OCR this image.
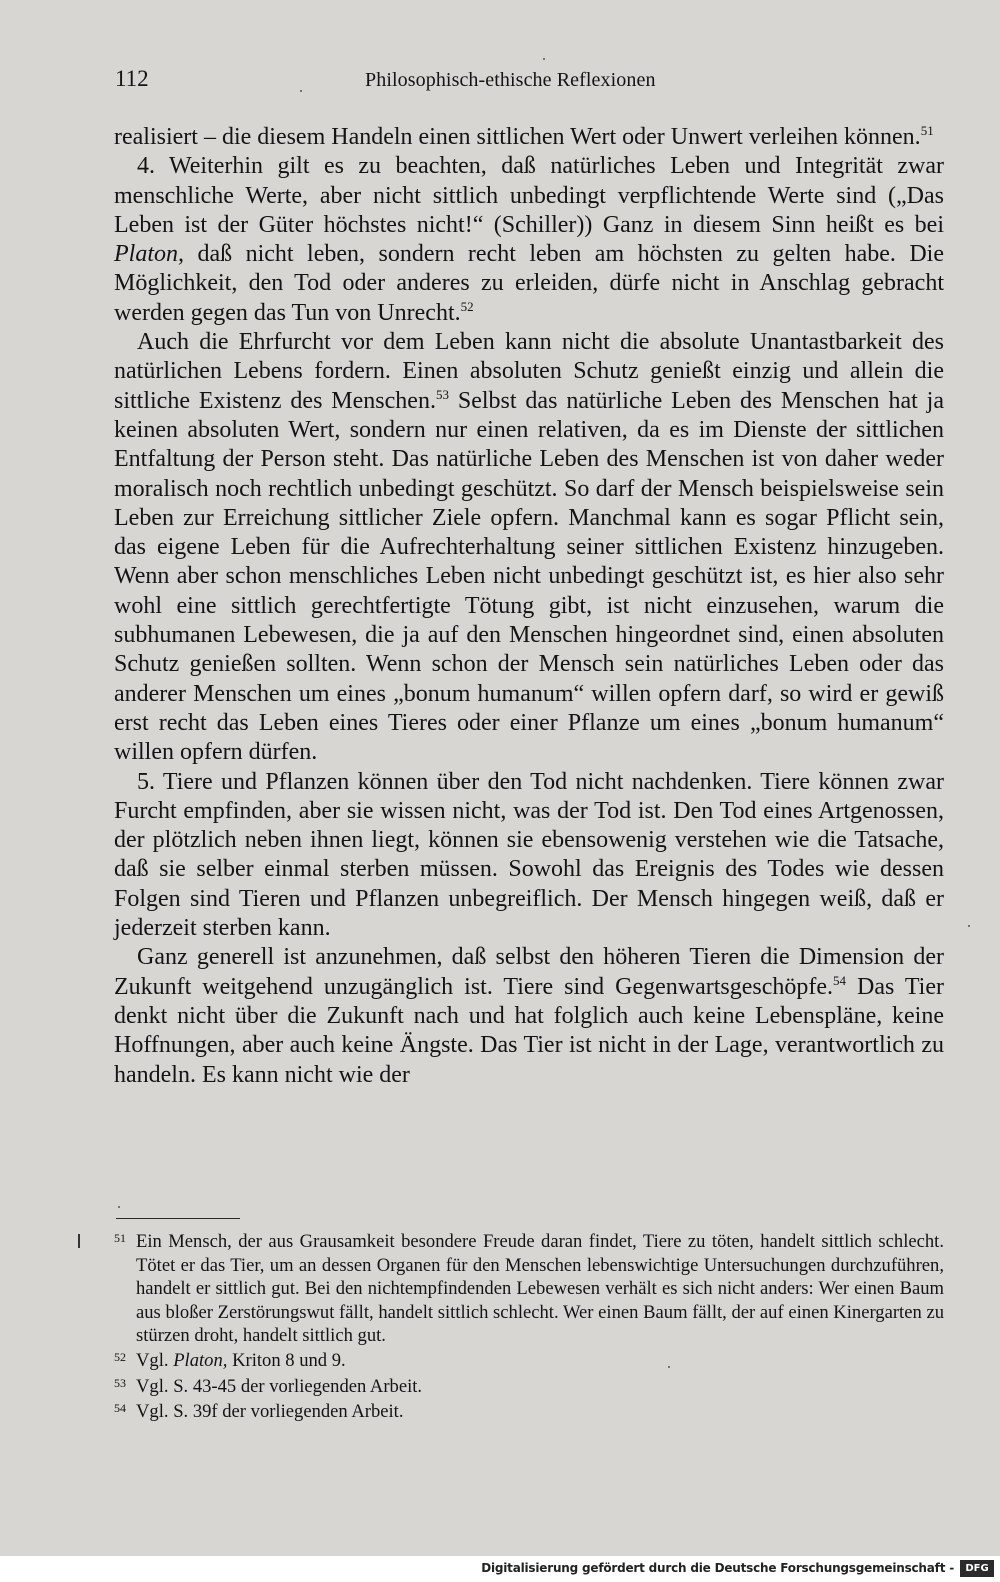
112	Philosophisch-ethische Reflexionen

realisiert – die diesem Handeln einen sittlichen Wert oder Unwert verleihen können.$^{51}$

4. Weiterhin gilt es zu beachten, daß natürliches Leben und Integrität zwar menschliche Werte, aber nicht sittlich unbedingt verpflichtende Werte sind („Das Leben ist der Güter höchstes nicht!“ (Schiller)) Ganz in diesem Sinn heißt es bei Platon, daß nicht leben, sondern recht leben am höchsten zu gelten habe. Die Möglichkeit, den Tod oder anderes zu erleiden, dürfe nicht in Anschlag gebracht werden gegen das Tun von Unrecht.$^{52}$

Auch die Ehrfurcht vor dem Leben kann nicht die absolute Unantastbarkeit des natürlichen Lebens fordern. Einen absoluten Schutz genießt einzig und allein die sittliche Existenz des Menschen.$^{53}$ Selbst das natürliche Leben des Menschen hat ja keinen absoluten Wert, sondern nur einen relativen, da es im Dienste der sittlichen Entfaltung der Person steht. Das natürliche Leben des Menschen ist von daher weder moralisch noch rechtlich unbedingt geschützt. So darf der Mensch beispielsweise sein Leben zur Erreichung sittlicher Ziele opfern. Manchmal kann es sogar Pflicht sein, das eigene Leben für die Aufrechterhaltung seiner sittlichen Existenz hinzugeben. Wenn aber schon menschliches Leben nicht unbedingt geschützt ist, es hier also sehr wohl eine sittlich gerechtfertigte Tötung gibt, ist nicht einzusehen, warum die subhumanen Lebewesen, die ja auf den Menschen hingeordnet sind, einen absoluten Schutz genießen sollten. Wenn schon der Mensch sein natürliches Leben oder das anderer Menschen um eines „bonum humanum“ willen opfern darf, so wird er gewiß erst recht das Leben eines Tieres oder einer Pflanze um eines „bonum humanum“ willen opfern dürfen.

5. Tiere und Pflanzen können über den Tod nicht nachdenken. Tiere können zwar Furcht empfinden, aber sie wissen nicht, was der Tod ist. Den Tod eines Artgenossen, der plötzlich neben ihnen liegt, können sie ebensowenig verstehen wie die Tatsache, daß sie selber einmal sterben müssen. Sowohl das Ereignis des Todes wie dessen Folgen sind Tieren und Pflanzen unbegreiflich. Der Mensch hingegen weiß, daß er jederzeit sterben kann.

Ganz generell ist anzunehmen, daß selbst den höheren Tieren die Dimension der Zukunft weitgehend unzugänglich ist. Tiere sind Gegenwartsgeschöpfe.$^{54}$ Das Tier denkt nicht über die Zukunft nach und hat folglich auch keine Lebenspläne, keine Hoffnungen, aber auch keine Ängste. Das Tier ist nicht in der Lage, verantwortlich zu handeln. Es kann nicht wie der

$^{51}$ Ein Mensch, der aus Grausamkeit besondere Freude daran findet, Tiere zu töten, handelt sittlich schlecht. Tötet er das Tier, um an dessen Organen für den Menschen lebenswichtige Untersuchungen durchzuführen, handelt er sittlich gut. Bei den nichtempfindenden Lebewesen verhält es sich nicht anders: Wer einen Baum aus bloßer Zerstörungswut fällt, handelt sittlich schlecht. Wer einen Baum fällt, der auf einen Kinergarten zu stürzen droht, handelt sittlich gut.
$^{52}$ Vgl. Platon, Kriton 8 und 9.
$^{53}$ Vgl. S. 43-45 der vorliegenden Arbeit.
$^{54}$ Vgl. S. 39f der vorliegenden Arbeit.
Digitalisierung gefördert durch die Deutsche Forschungsgemeinschaft -	DFG
